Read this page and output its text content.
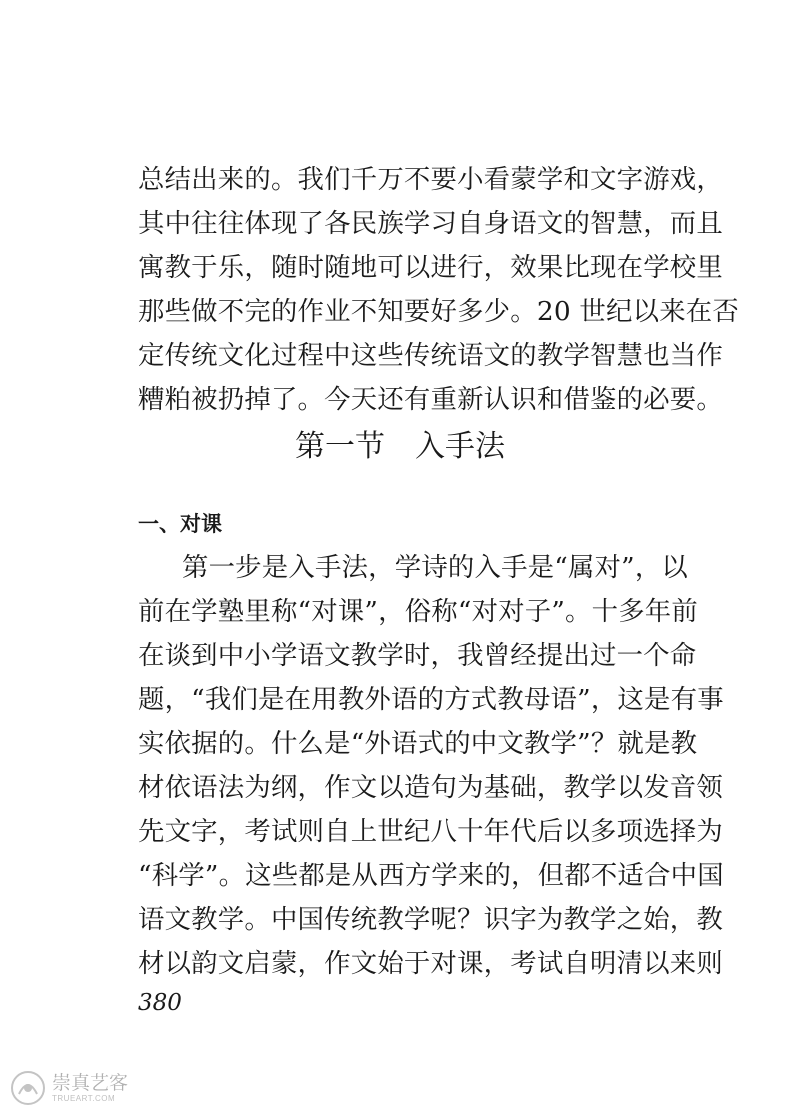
总结出来的。我们千万不要小看蒙学和文字游戏，
其中往往体现了各民族学习自身语文的智慧，而且
寓教于乐，随时随地可以进行，效果比现在学校里
那些做不完的作业不知要好多少。20 世纪以来在否
定传统文化过程中这些传统语文的教学智慧也当作
糟粕被扔掉了。今天还有重新认识和借鉴的必要。
第一节　入手法
一、对课
第一步是入手法，学诗的入手是“属对”，以
前在学塾里称“对课”，俗称“对对子”。十多年前
在谈到中小学语文教学时，我曾经提出过一个命
题，“我们是在用教外语的方式教母语”，这是有事
实依据的。什么是“外语式的中文教学”？就是教
材依语法为纲，作文以造句为基础，教学以发音领
先文字，考试则自上世纪八十年代后以多项选择为
“科学”。这些都是从西方学来的，但都不适合中国
语文教学。中国传统教学呢？识字为教学之始，教
材以韵文启蒙，作文始于对课，考试自明清以来则
380
崇真艺客
TRUEART.COM
